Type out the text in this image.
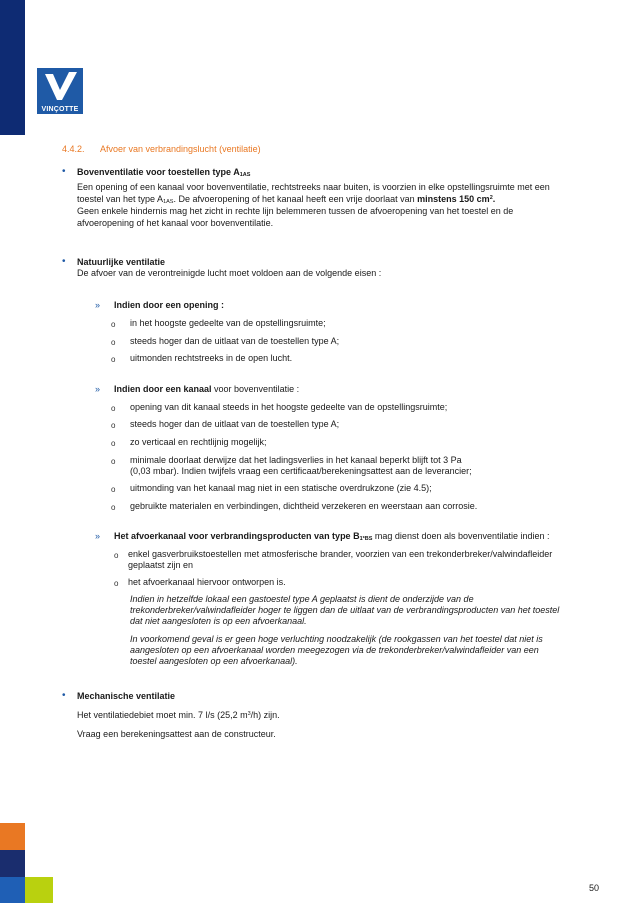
VINÇOTTE
4.4.2. Afvoer van verbrandingslucht (ventilatie)
• Bovenventilatie voor toestellen type $A_{1AS}$
Een opening of een kanaal voor bovenventilatie, rechtstreeks naar buiten, is voorzien in elke opstellingsruimte met een
toestel van het type $A_{1AS}$. De afvoeropening of het kanaal heeft een vrije doorlaat van minstens 150 $cm^2$.
Geen enkele hindernis mag het zicht in rechte lijn belemmeren tussen de afvoeropening van het toestel en de
afvoeropening of het kanaal voor bovenventilatie.
• Natuurlijke ventilatie
De afvoer van de verontreinigde lucht moet voldoen aan de volgende eisen :
» Indien door een opening :
o in het hoogste gedeelte van de opstellingsruimte;
o steeds hoger dan de uitlaat van de toestellen type A;
o uitmonden rechtstreeks in de open lucht.
» Indien door een kanaal voor bovenventilatie :
o opening van dit kanaal steeds in het hoogste gedeelte van de opstellingsruimte;
o steeds hoger dan de uitlaat van de toestellen type A;
o zo verticaal en rechtlijnig mogelijk;
o minimale doorlaat derwijze dat het ladingsverlies in het kanaal beperkt blijft tot 3 Pa
(0,03 mbar). Indien twijfels vraag een certificaat/berekeningsattest aan de leverancier;
o uitmonding van het kanaal mag niet in een statische overdrukzone (zie 4.5);
o gebruikte materialen en verbindingen, dichtheid verzekeren en weerstaan aan corrosie.
» Het afvoerkanaal voor verbrandingsproducten van type $B_{1*BS}$ mag dienst doen als bovenventilatie indien :
o enkel gasverbruikstoestellen met atmosferische brander, voorzien van een trekonderbreker/valwindafleider
geplaatst zijn en
o het afvoerkanaal hiervoor ontworpen is.
Indien in hetzelfde lokaal een gastoestel type A geplaatst is dient de onderzijde van de
trekonderbreker/valwindafleider hoger te liggen dan de uitlaat van de verbrandingsproducten van het toestel
dat niet aangesloten is op een afvoerkanaal.
In voorkomend geval is er geen hoge verluchting noodzakelijk (de rookgassen van het toestel dat niet is
aangesloten op een afvoerkanaal worden meegezogen via de trekonderbreker/valwindafleider van een
toestel aangesloten op een afvoerkanaal).
• Mechanische ventilatie
Het ventilatiedebiet moet min. 7 l/s (25,2 $m^3/h$) zijn.
Vraag een berekeningsattest aan de constructeur.
50
